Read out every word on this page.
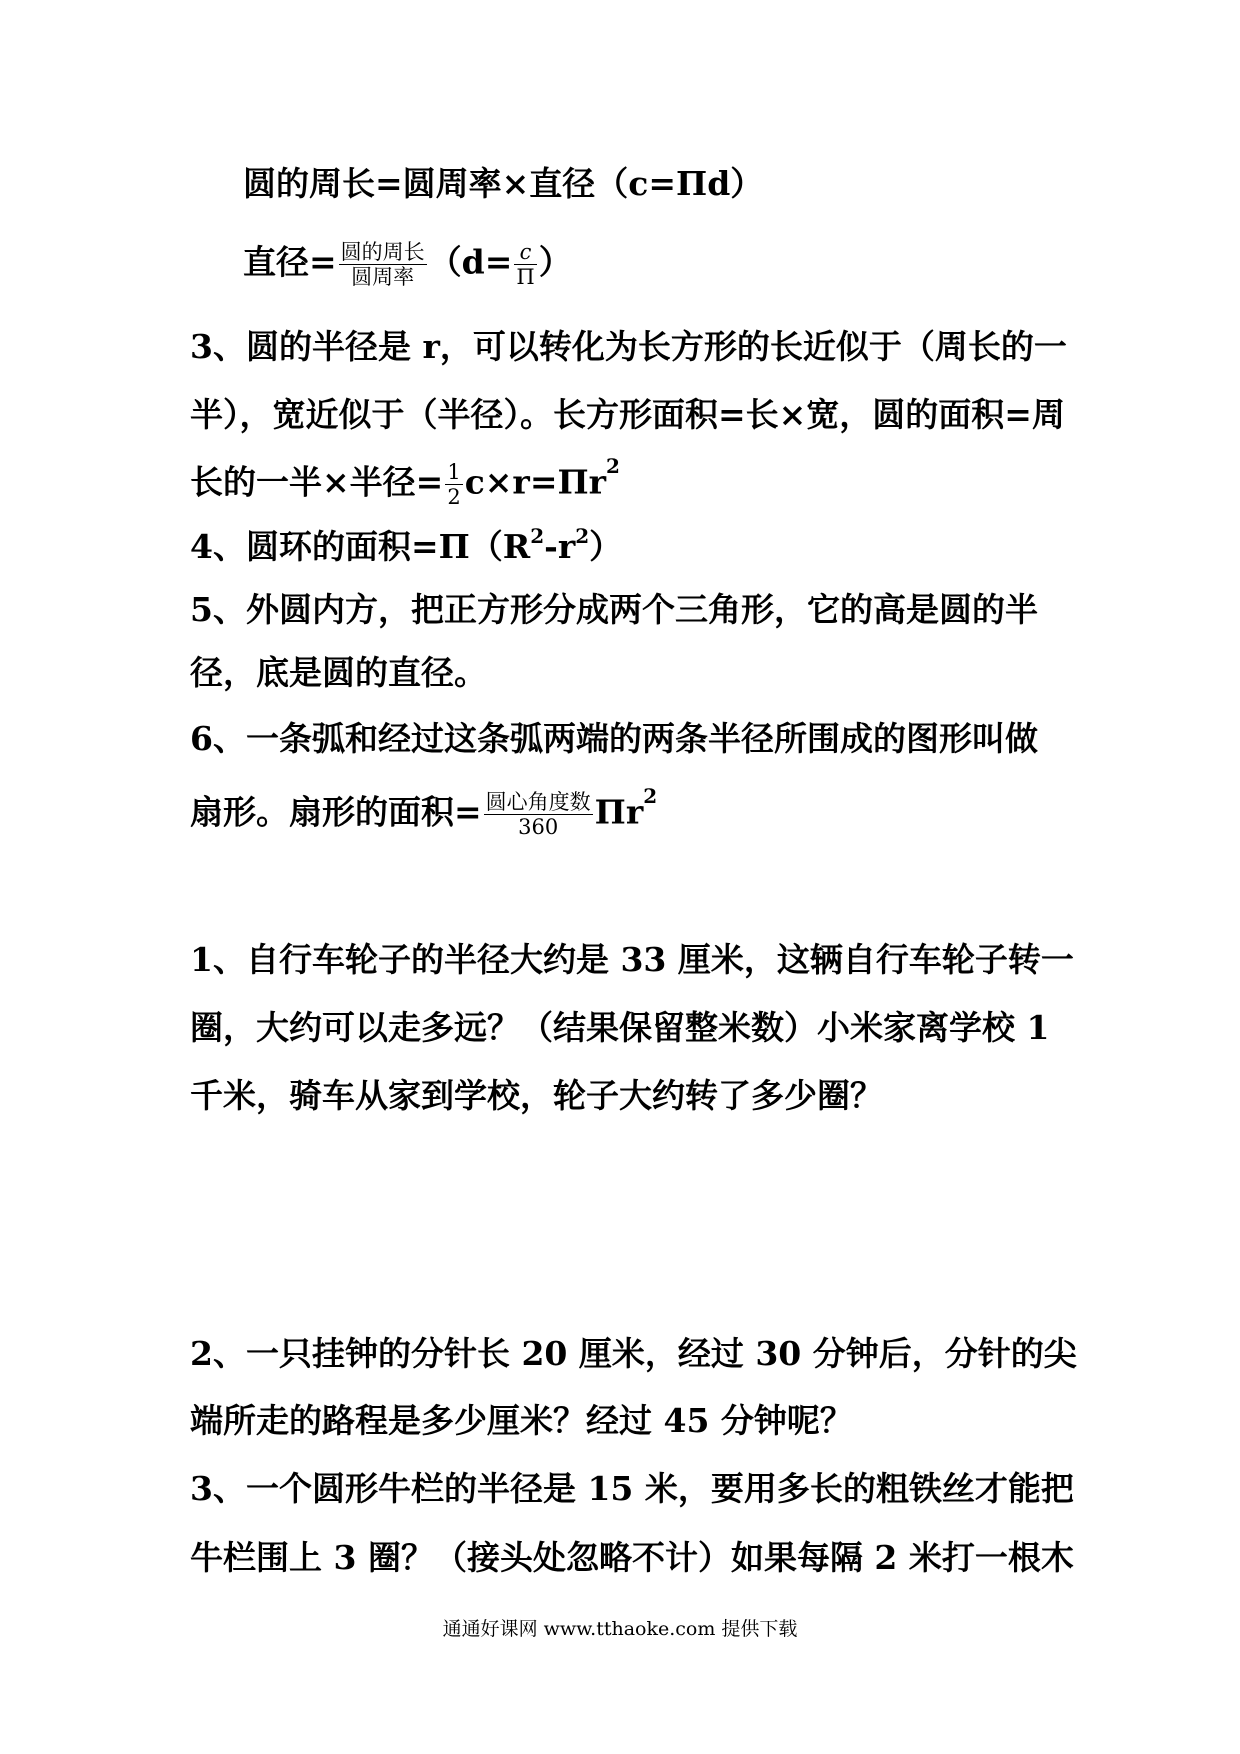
圆的周长=圆周率×直径（c=Πd）
直径= $\frac{\text{圆的周长}}{\text{圆周率}} (d= \frac{c}{\Pi}$ ）
3、圆的半径是 r，可以转化为长方形的长近似于（周长的一
半），宽近似于（半径）。长方形面积=长×宽，圆的面积=周
长的一半×半径= $\frac{1}{2} c\times r=\Pi r^2$
4、圆环的面积$=\Pi(R^2-r^2)$
5、外圆内方，把正方形分成两个三角形，它的高是圆的半
径，底是圆的直径。
6、一条弧和经过这条弧两端的两条半径所围成的图形叫做
扇形。扇形的面积= $\frac{\text{圆心角度数}}{360} \Pi r^2$
1、自行车轮子的半径大约是 33 厘米，这辆自行车轮子转一
圈，大约可以走多远？（结果保留整米数）小米家离学校 1
千米，骑车从家到学校，轮子大约转了多少圈？
2、一只挂钟的分针长 20 厘米，经过 30 分钟后，分针的尖
端所走的路程是多少厘米？经过 45 分钟呢？
3、一个圆形牛栏的半径是 15 米，要用多长的粗铁丝才能把
牛栏围上 3 圈？（接头处忽略不计）如果每隔 2 米打一根木
通通好课网 www.tthaoke.com 提供下载
